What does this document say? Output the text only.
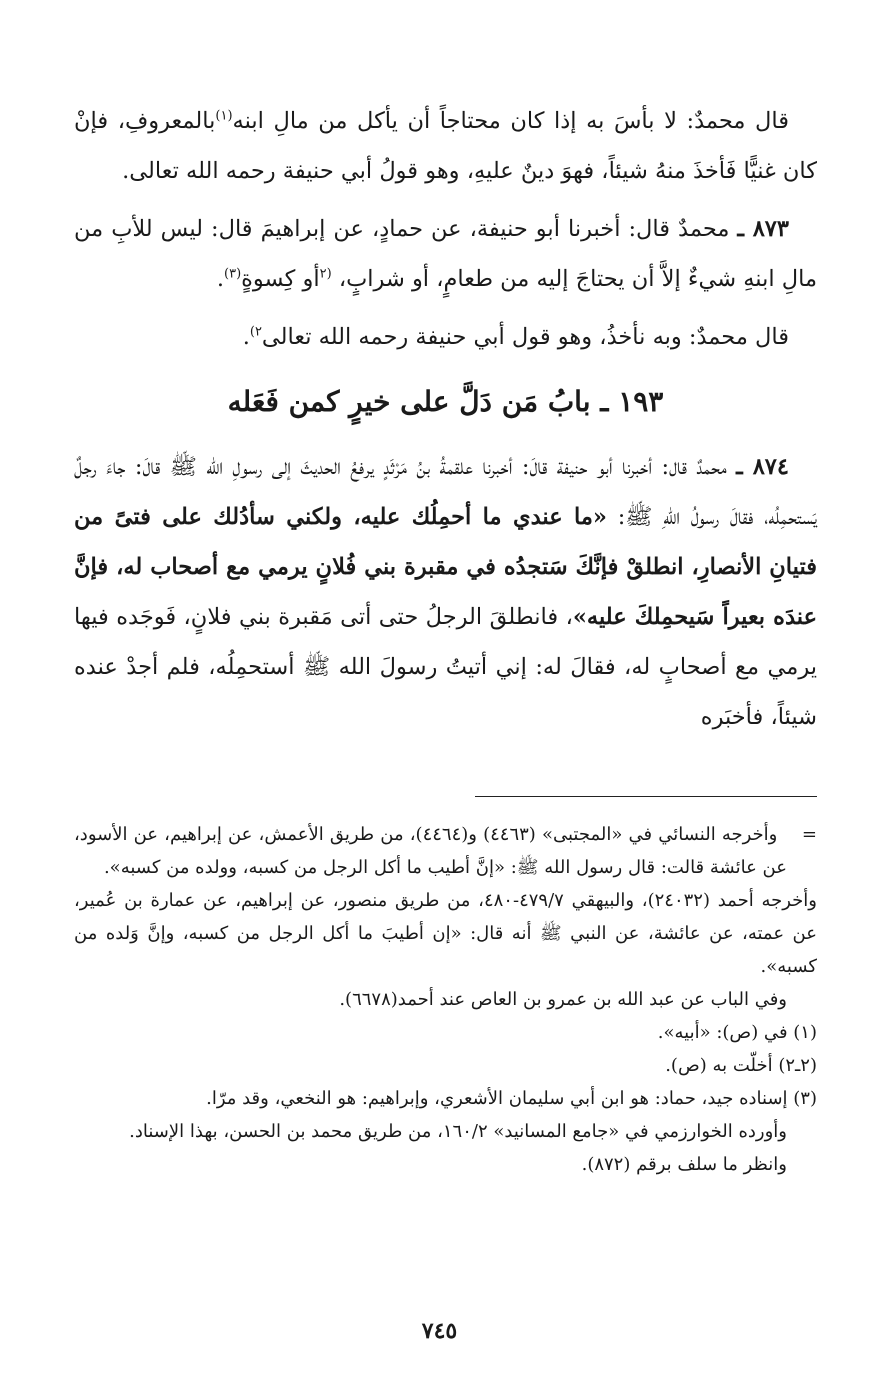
قال محمدٌ: لا بأسَ به إذا كان محتاجاً أن يأكل من مالِ ابنه$^{(١)}$بالمعروفِ، فإنْ كان غنيًّا فَأخذَ منهُ شيئاً، فهوَ دينٌ عليهِ، وهو قولُ أبي حنيفة رحمه الله تعالى.

٨٧٣ ـ محمدٌ قال: أخبرنا أبو حنيفة، عن حمادٍ، عن إبراهيمَ قال: ليس للأبِ من مالِ ابنهِ شيءٌ إلاَّ أن يحتاجَ إليه من طعامٍ، أو شرابٍ، $^{(٢}$أو كِسوةٍ$^{(٣)}$.

قال محمدٌ: وبه نأخذُ، وهو قول أبي حنيفة رحمه الله تعالى$^{٢)}$.

١٩٣ ـ بابُ مَن دَلَّ على خيرٍ كمن فَعَله

٨٧٤ ـ محمدٌ قال: أخبرنا أبو حنيفة قالَ: أخبرنا علقمةُ بنُ مَرْثَدٍ يرفعُ الحديثَ إلى رسولِ الله ﷺ قالَ: جاءَ رجلٌ يَستحمِلُه، فقالَ رسولُ اللهِ ﷺ: «ما عندي ما أحمِلُك عليه، ولكني سأدُلك على فتىً من فتيانِ الأنصارِ، انطلقْ فإنَّكَ سَتجدُه في مقبرة بني فُلانٍ يرمي مع أصحاب له، فإنَّ عندَه بعيراً سَيحمِلكَ عليه»، فانطلقَ الرجلُ حتى أتى مَقبرة بني فلانٍ، فَوجَده فيها يرمي مع أصحابٍ له، فقالَ له: إني أتيتُ رسولَ الله ﷺ أستحمِلُه، فلم أجدْ عنده شيئاً، فأخبَره

=    وأخرجه النسائي في «المجتبى» (٤٤٦٣) و(٤٤٦٤)، من طريق الأعمش، عن إبراهيم، عن الأسود، عن عائشة قالت: قال رسول الله ﷺ: «إنَّ أطيب ما أكل الرجل من كسبه، وولده من كسبه».

وأخرجه أحمد (٢٤٠٣٢)، والبيهقي ٤٧٩/٧-٤٨٠، من طريق منصور، عن إبراهيم، عن عمارة بن عُمير، عن عمته، عن عائشة، عن النبي ﷺ أنه قال: «إن أطيبَ ما أكل الرجل من كسبه، وإنَّ وَلده من كسبه».

وفي الباب عن عبد الله بن عمرو بن العاص عند أحمد(٦٦٧٨).

(١) في (ص): «أبيه».

(٢ـ٢) أخلّت به (ص).

(٣) إسناده جيد، حماد: هو ابن أبي سليمان الأشعري، وإبراهيم: هو النخعي، وقد مرّا.

وأورده الخوارزمي في «جامع المسانيد» ١٦٠/٢، من طريق محمد بن الحسن، بهذا الإسناد.

وانظر ما سلف برقم (٨٧٢).

٧٤٥
